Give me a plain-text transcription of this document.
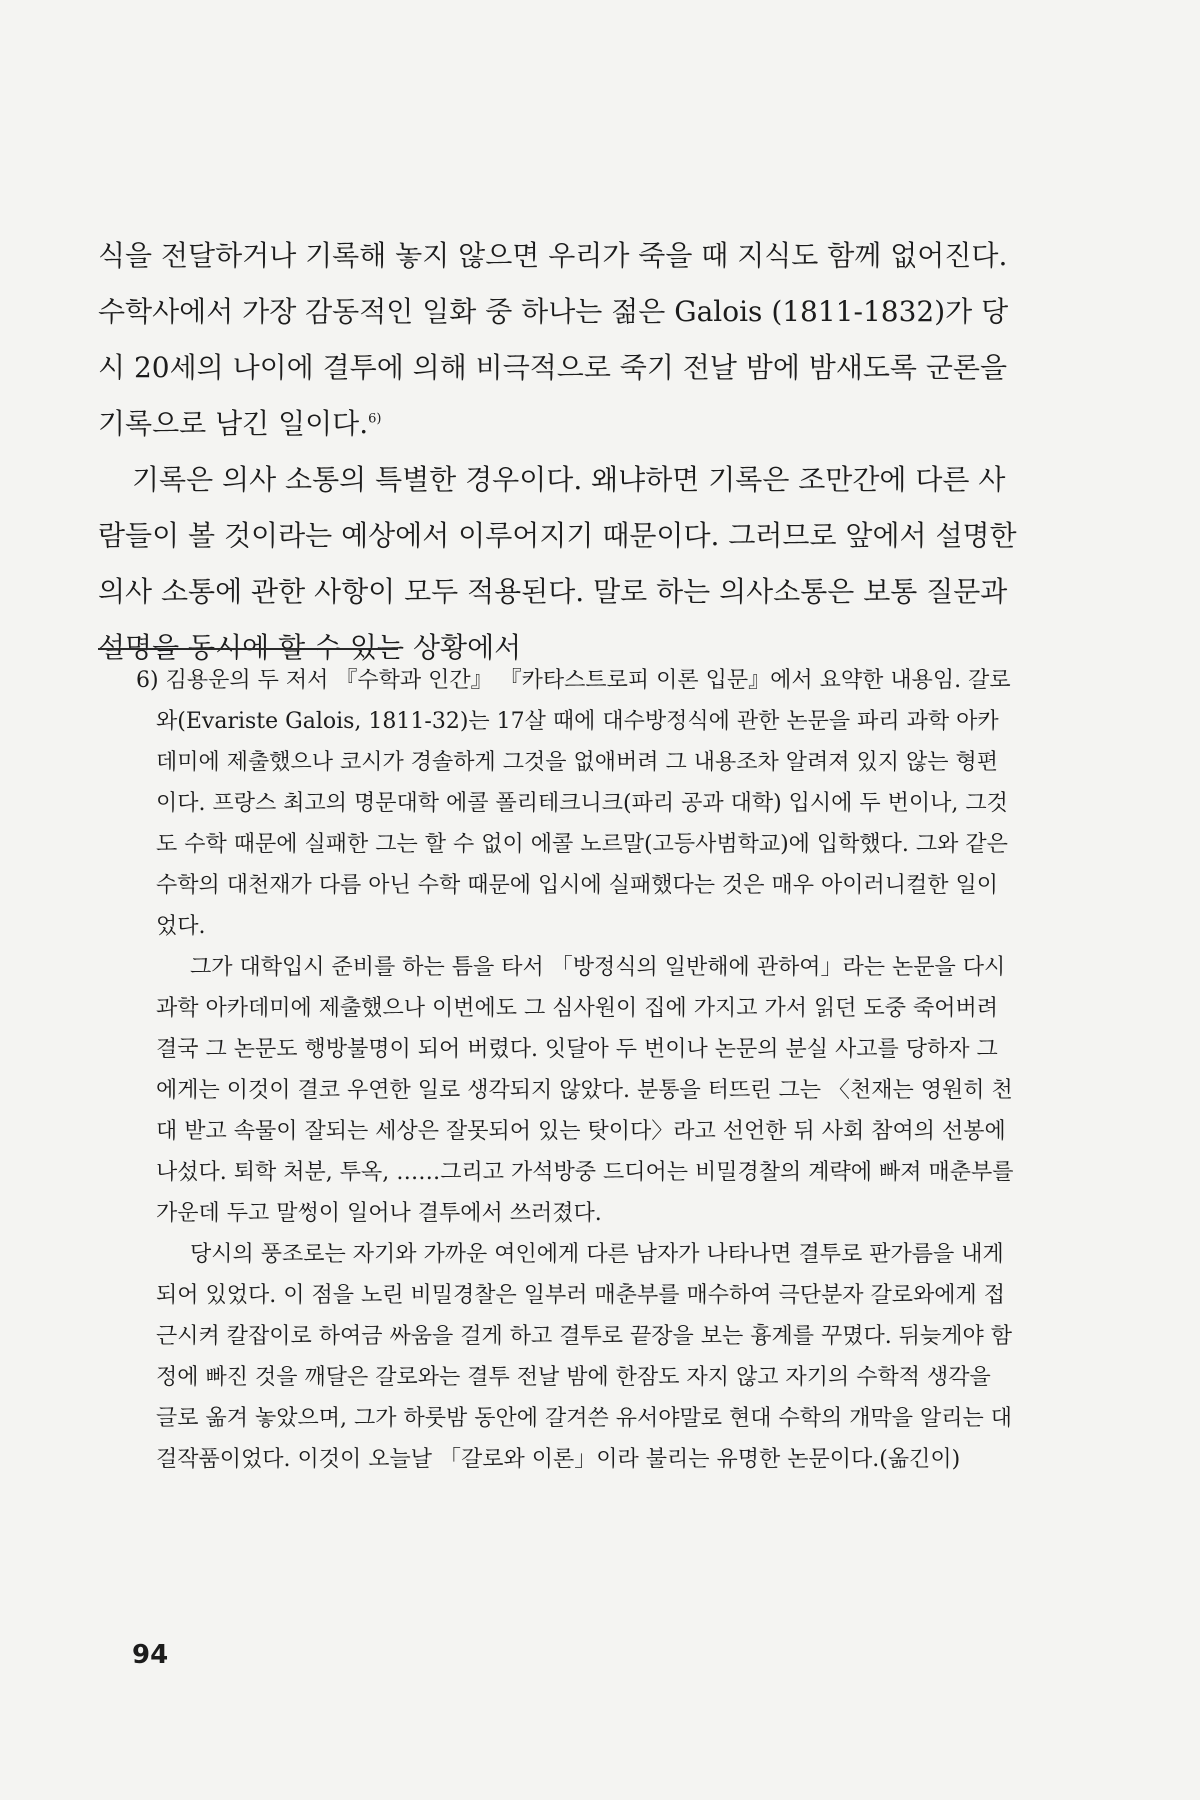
식을 전달하거나 기록해 놓지 않으면 우리가 죽을 때 지식도 함께 없어진다. 수학사에서 가장 감동적인 일화 중 하나는 젊은 Galois (1811-1832)가 당시 20세의 나이에 결투에 의해 비극적으로 죽기 전날 밤에 밤새도록 군론을 기록으로 남긴 일이다.$^{6)}$

기록은 의사 소통의 특별한 경우이다. 왜냐하면 기록은 조만간에 다른 사람들이 볼 것이라는 예상에서 이루어지기 때문이다. 그러므로 앞에서 설명한 의사 소통에 관한 사항이 모두 적용된다. 말로 하는 의사소통은 보통 질문과 설명을 동시에 할 수 있는 상황에서

6) 김용운의 두 저서 『수학과 인간』 『카타스트로피 이론 입문』에서 요약한 내용임. 갈로와(Evariste Galois, 1811-32)는 17살 때에 대수방정식에 관한 논문을 파리 과학 아카데미에 제출했으나 코시가 경솔하게 그것을 없애버려 그 내용조차 알려져 있지 않는 형편이다. 프랑스 최고의 명문대학 에콜 폴리테크니크(파리 공과 대학) 입시에 두 번이나, 그것도 수학 때문에 실패한 그는 할 수 없이 에콜 노르말(고등사범학교)에 입학했다. 그와 같은 수학의 대천재가 다름 아닌 수학 때문에 입시에 실패했다는 것은 매우 아이러니컬한 일이었다.

그가 대학입시 준비를 하는 틈을 타서 「방정식의 일반해에 관하여」라는 논문을 다시 과학 아카데미에 제출했으나 이번에도 그 심사원이 집에 가지고 가서 읽던 도중 죽어버려 결국 그 논문도 행방불명이 되어 버렸다. 잇달아 두 번이나 논문의 분실 사고를 당하자 그에게는 이것이 결코 우연한 일로 생각되지 않았다. 분통을 터뜨린 그는 〈천재는 영원히 천대 받고 속물이 잘되는 세상은 잘못되어 있는 탓이다〉라고 선언한 뒤 사회 참여의 선봉에 나섰다. 퇴학 처분, 투옥, ……그리고 가석방중 드디어는 비밀경찰의 계략에 빠져 매춘부를 가운데 두고 말썽이 일어나 결투에서 쓰러졌다.

당시의 풍조로는 자기와 가까운 여인에게 다른 남자가 나타나면 결투로 판가름을 내게 되어 있었다. 이 점을 노린 비밀경찰은 일부러 매춘부를 매수하여 극단분자 갈로와에게 접근시켜 칼잡이로 하여금 싸움을 걸게 하고 결투로 끝장을 보는 흉계를 꾸몄다. 뒤늦게야 함정에 빠진 것을 깨달은 갈로와는 결투 전날 밤에 한잠도 자지 않고 자기의 수학적 생각을 글로 옮겨 놓았으며, 그가 하룻밤 동안에 갈겨쓴 유서야말로 현대 수학의 개막을 알리는 대걸작품이었다. 이것이 오늘날 「갈로와 이론」이라 불리는 유명한 논문이다.(옮긴이)

94
